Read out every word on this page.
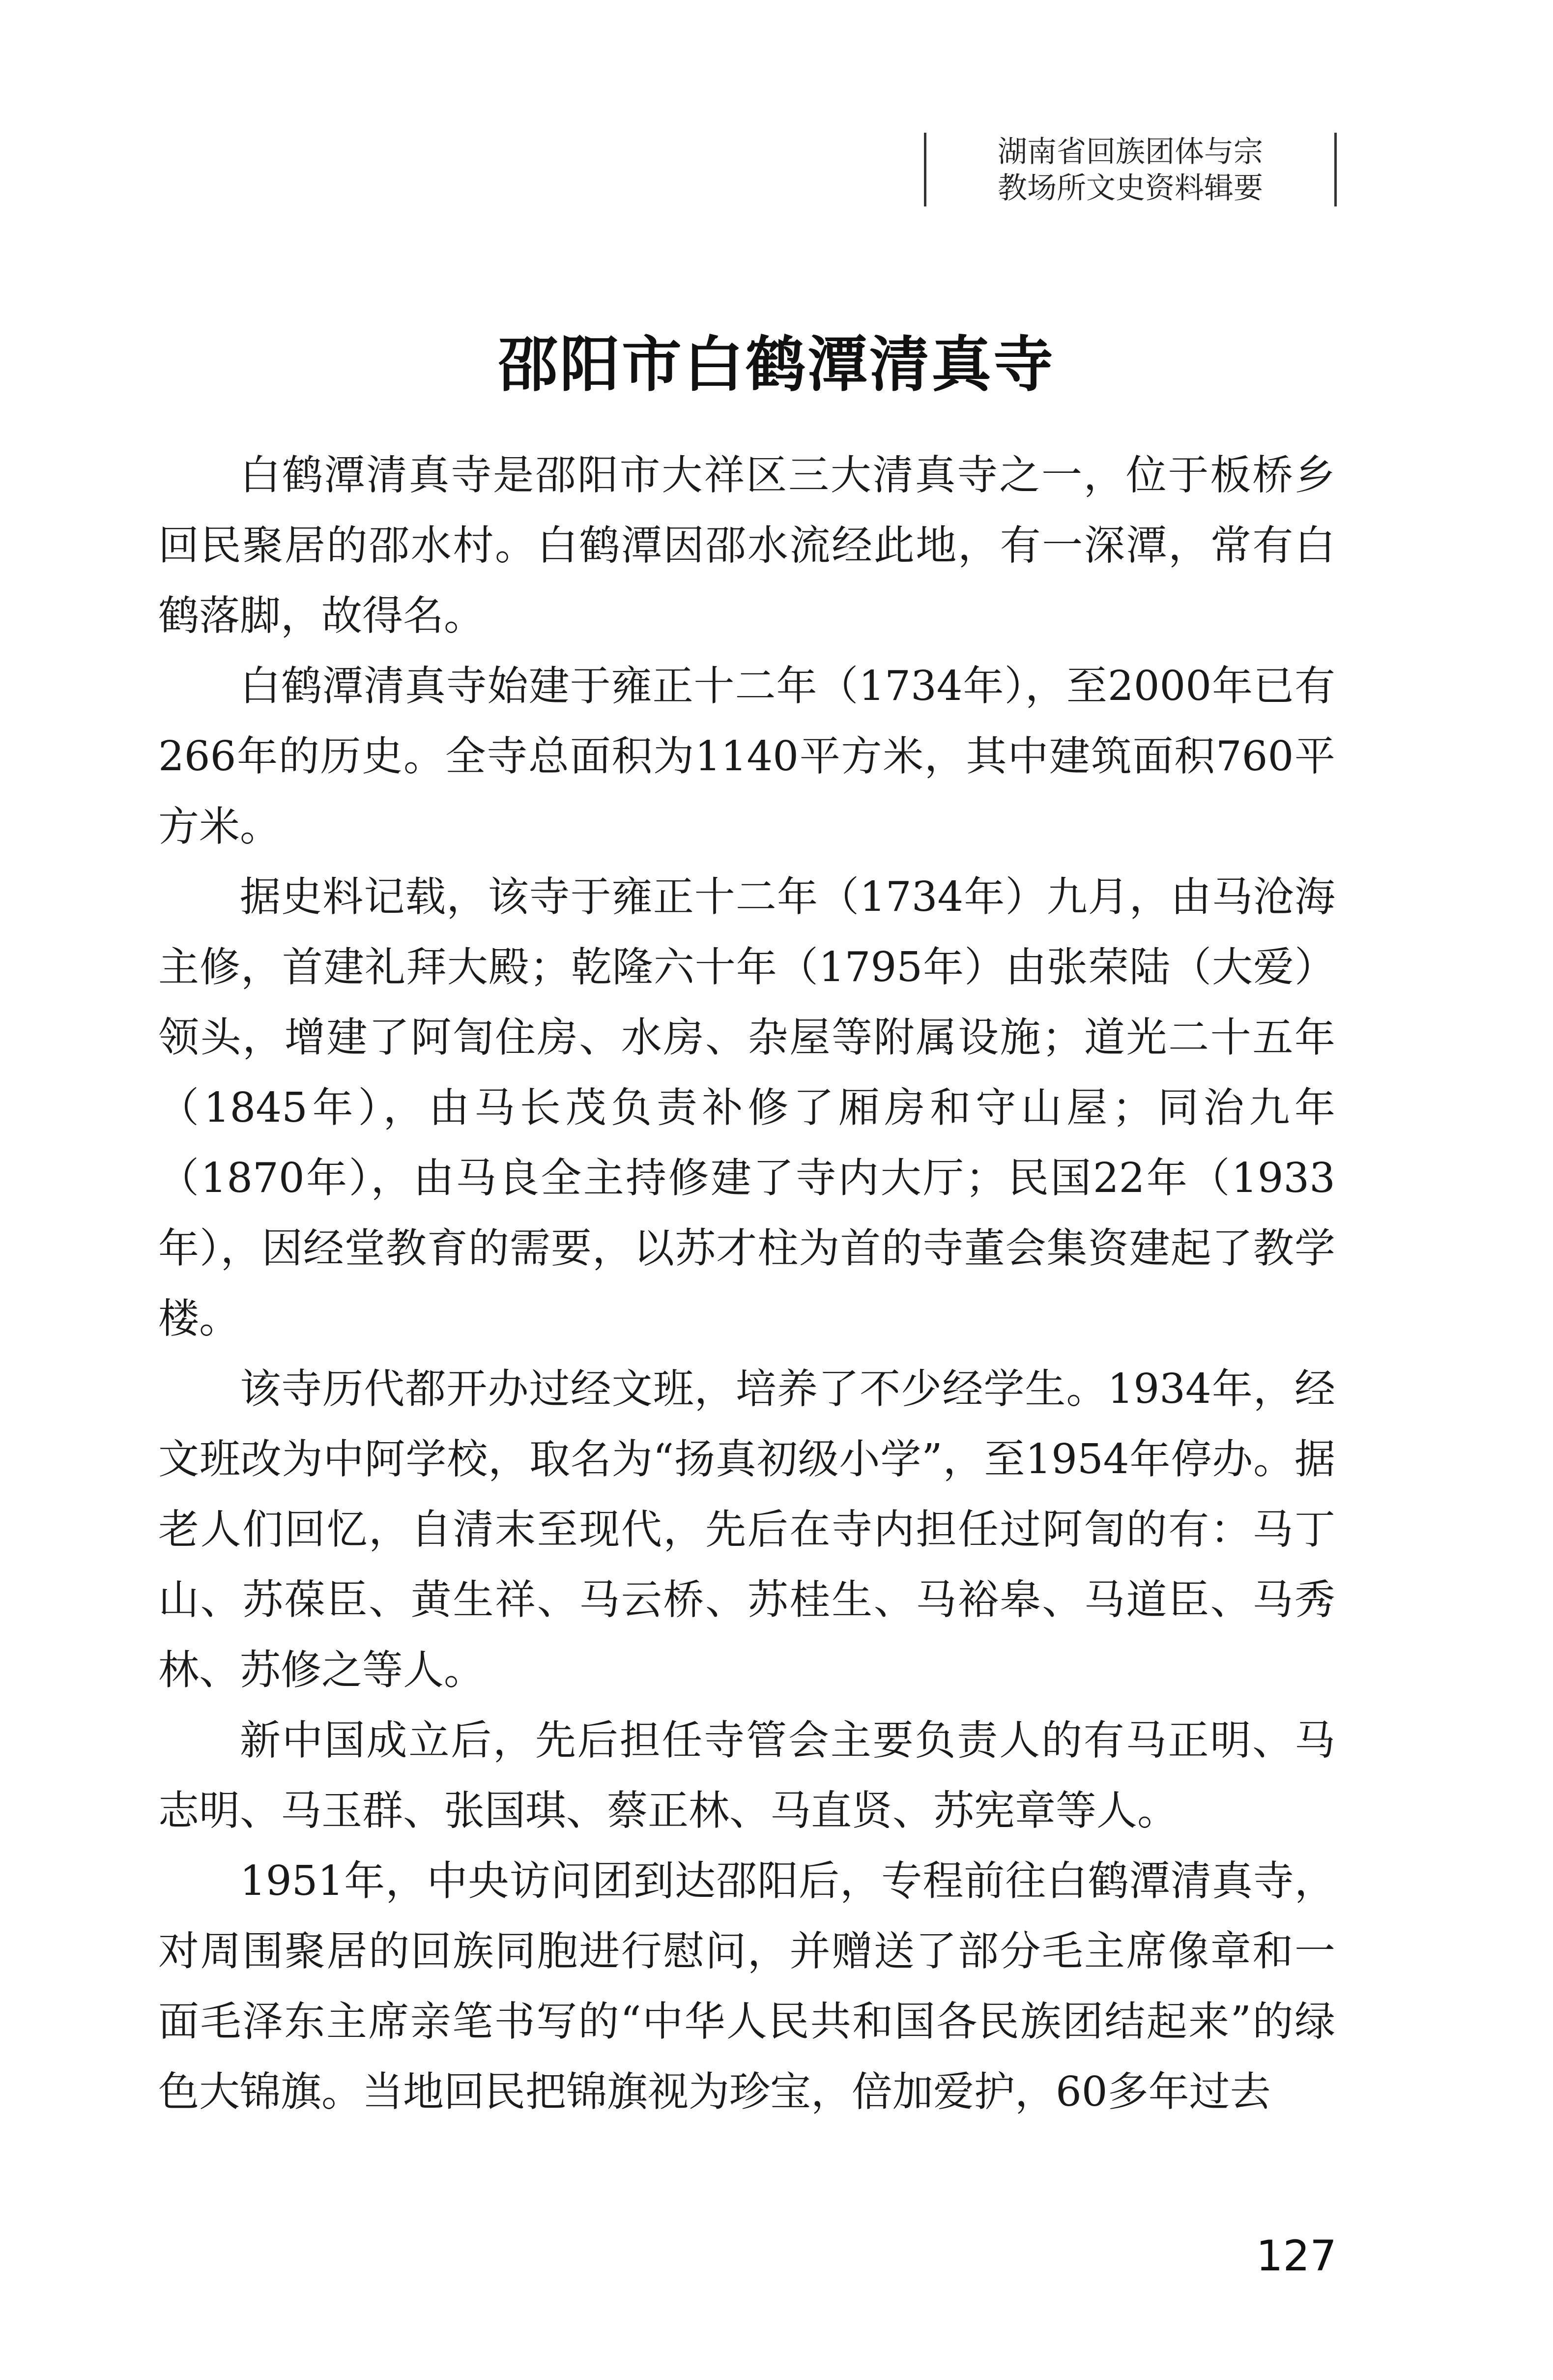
湖南省回族团体与宗
教场所文史资料辑要
邵阳市白鹤潭清真寺

白鹤潭清真寺是邵阳市大祥区三大清真寺之一，位于板桥乡回民聚居的邵水村。白鹤潭因邵水流经此地，有一深潭，常有白鹤落脚，故得名。

白鹤潭清真寺始建于雍正十二年（1734年），至2000年已有266年的历史。全寺总面积为1140平方米，其中建筑面积760平方米。

据史料记载，该寺于雍正十二年（1734年）九月，由马沧海主修，首建礼拜大殿；乾隆六十年（1795年）由张荣陆（大爱）领头，增建了阿訇住房、水房、杂屋等附属设施；道光二十五年（1845年），由马长茂负责补修了厢房和守山屋；同治九年（1870年），由马良全主持修建了寺内大厅；民国22年（1933年），因经堂教育的需要，以苏才柱为首的寺董会集资建起了教学楼。

该寺历代都开办过经文班，培养了不少经学生。1934年，经文班改为中阿学校，取名为“扬真初级小学”，至1954年停办。据老人们回忆，自清末至现代，先后在寺内担任过阿訇的有：马丁山、苏葆臣、黄生祥、马云桥、苏桂生、马裕皋、马道臣、马秀林、苏修之等人。

新中国成立后，先后担任寺管会主要负责人的有马正明、马志明、马玉群、张国琪、蔡正林、马直贤、苏宪章等人。

1951年，中央访问团到达邵阳后，专程前往白鹤潭清真寺，对周围聚居的回族同胞进行慰问，并赠送了部分毛主席像章和一面毛泽东主席亲笔书写的“中华人民共和国各民族团结起来”的绿色大锦旗。当地回民把锦旗视为珍宝，倍加爱护，60多年过去

127
